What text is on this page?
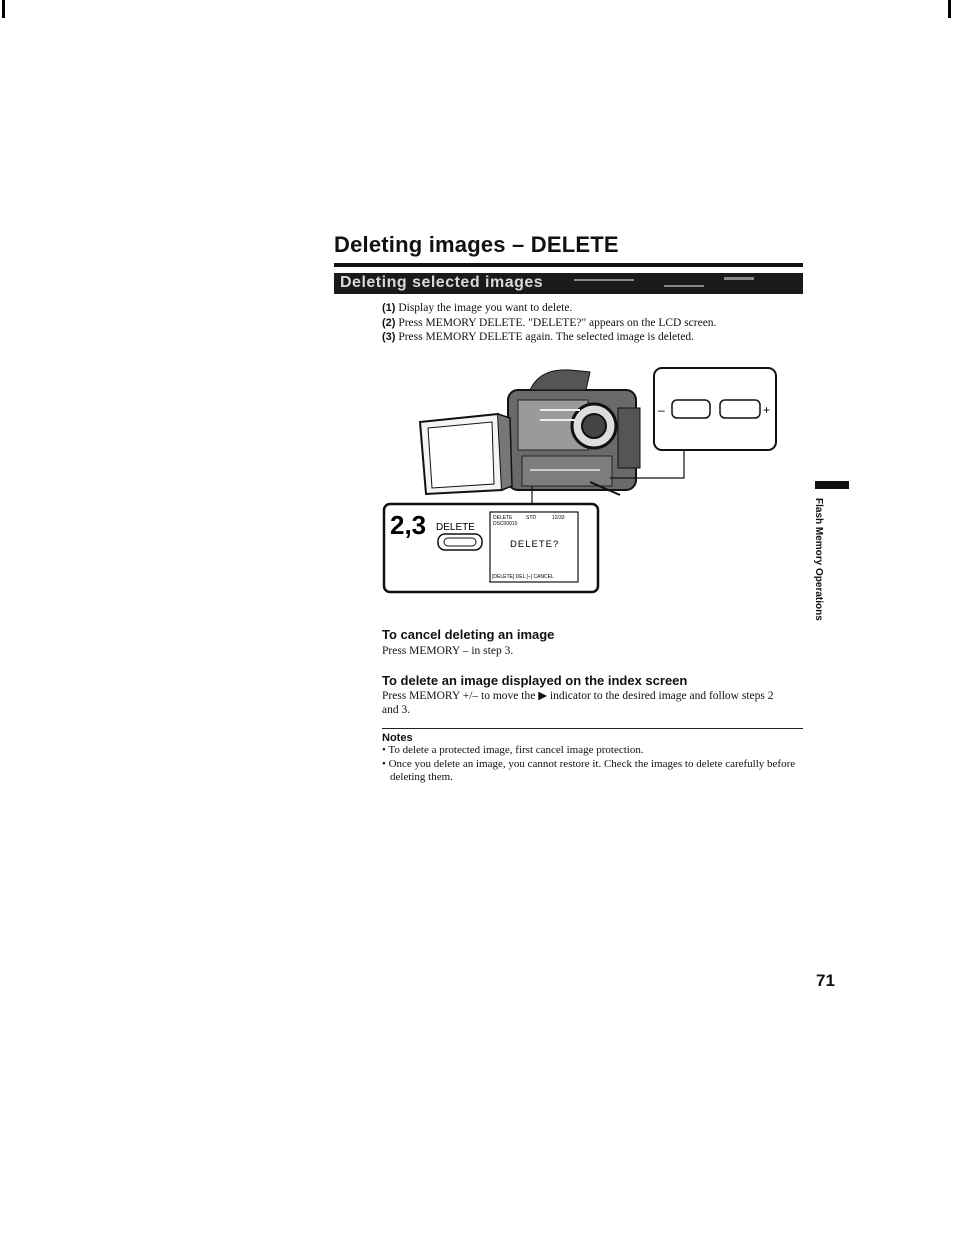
Deleting images – DELETE
Deleting selected images
(1) Display the image you want to delete.
(2) Press MEMORY DELETE. "DELETE?" appears on the LCD screen.
(3) Press MEMORY DELETE again. The selected image is deleted.
–	+
2,3 DELETE
DELETE	STD	12/33
DSC00010
DELETE?
[DELETE] DEL [–] CANCEL
To cancel deleting an image
Press MEMORY – in step 3.
To delete an image displayed on the index screen
Press MEMORY +/– to move the ▶ indicator to the desired image and follow steps 2
and 3.
Notes
• To delete a protected image, first cancel image protection.
• Once you delete an image, you cannot restore it. Check the images to delete carefully before deleting them.
Flash Memory Operations
71
